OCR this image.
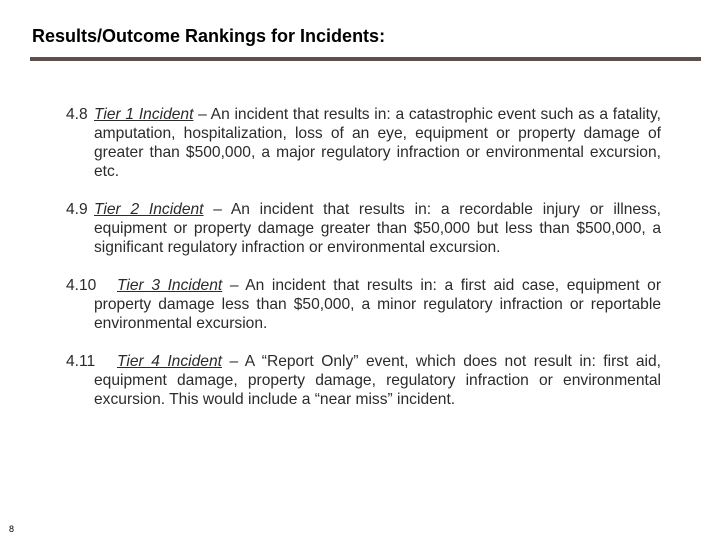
Results/Outcome Rankings for Incidents:
4.8 Tier 1 Incident – An incident that results in: a catastrophic event such as a fatality, amputation, hospitalization, loss of an eye, equipment or property damage of greater than $500,000, a major regulatory infraction or environmental excursion, etc.
4.9 Tier 2 Incident – An incident that results in: a recordable injury or illness, equipment or property damage greater than $50,000 but less than $500,000, a significant regulatory infraction or environmental excursion.
4.10 Tier 3 Incident – An incident that results in: a first aid case, equipment or property damage less than $50,000, a minor regulatory infraction or reportable environmental excursion.
4.11 Tier 4 Incident – A “Report Only” event, which does not result in: first aid, equipment damage, property damage, regulatory infraction or environmental excursion. This would include a “near miss” incident.
8
